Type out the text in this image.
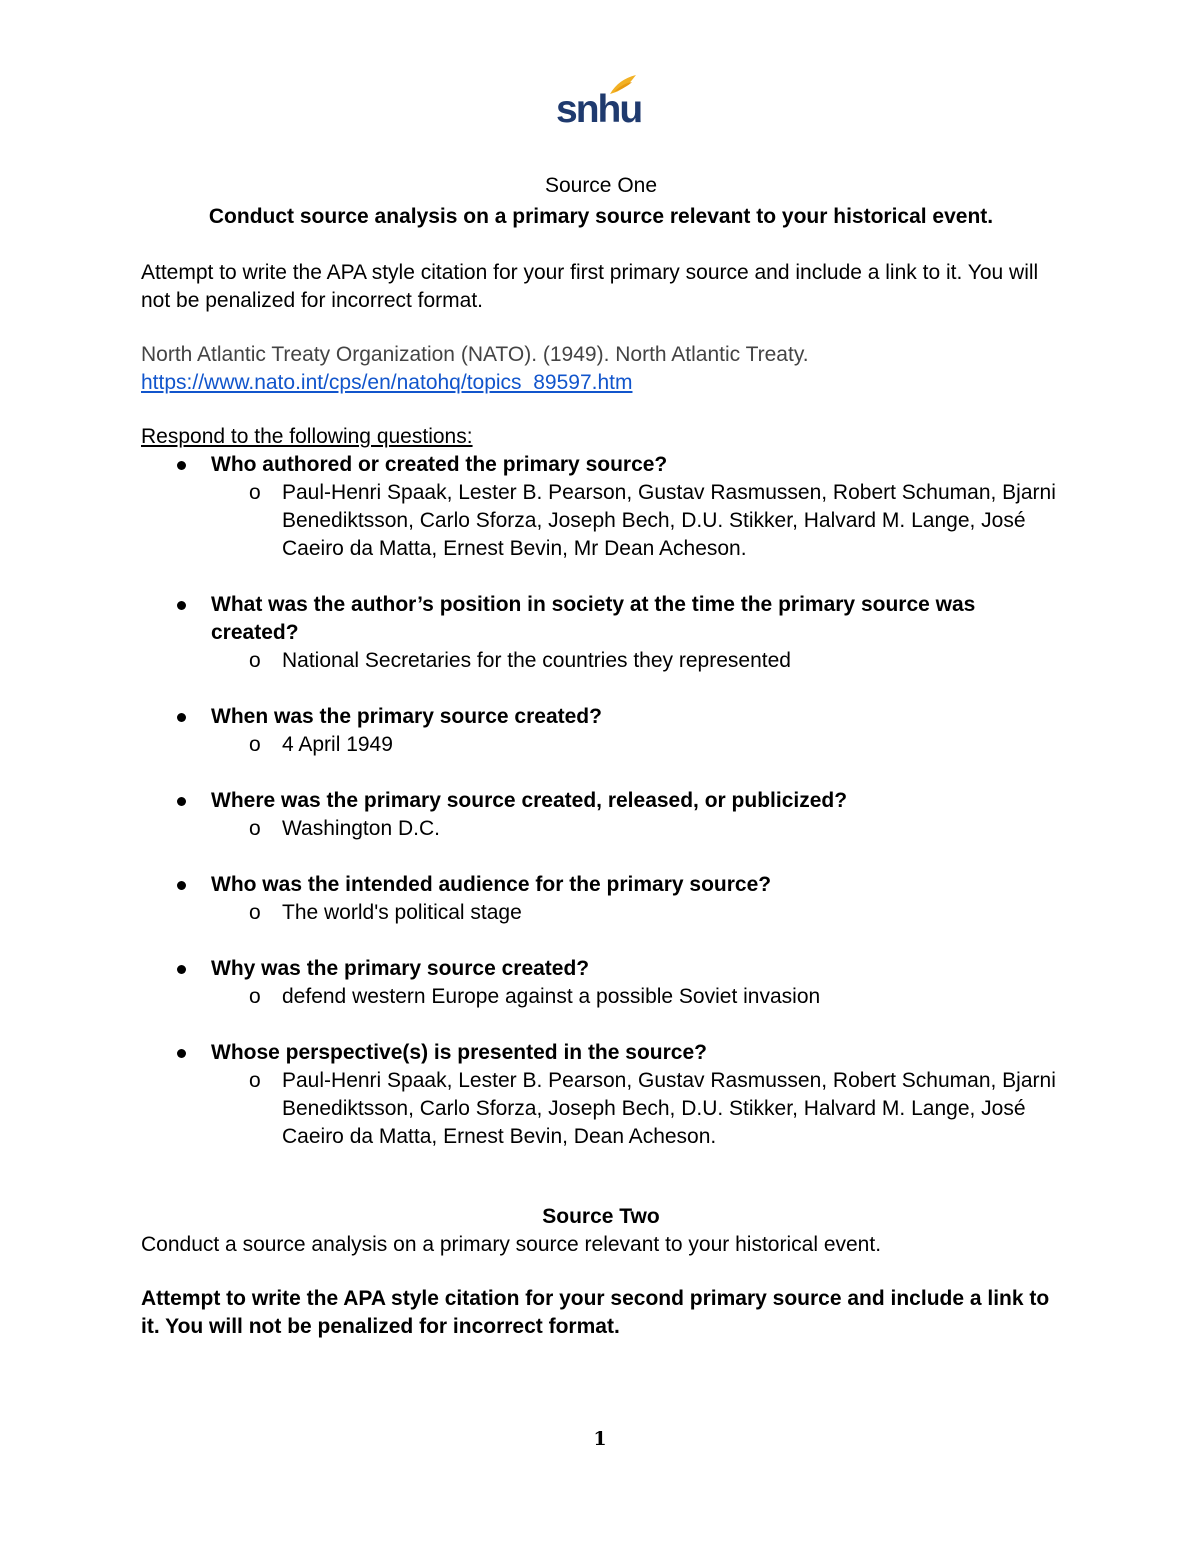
snhu

Source One

Conduct source analysis on a primary source relevant to your historical event.

Attempt to write the APA style citation for your first primary source and include a link to it. You will not be penalized for incorrect format.

North Atlantic Treaty Organization (NATO). (1949). North Atlantic Treaty.

https://www.nato.int/cps/en/natohq/topics_89597.htm

Respond to the following questions:

Who authored or created the primary source?

o Paul-Henri Spaak, Lester B. Pearson, Gustav Rasmussen, Robert Schuman, Bjarni Benediktsson, Carlo Sforza, Joseph Bech, D.U. Stikker, Halvard M. Lange, José Caeiro da Matta, Ernest Bevin, Mr Dean Acheson.

What was the author’s position in society at the time the primary source was created?

o National Secretaries for the countries they represented

When was the primary source created?

o 4 April 1949

Where was the primary source created, released, or publicized?

o Washington D.C.

Who was the intended audience for the primary source?

o The world's political stage

Why was the primary source created?

o defend western Europe against a possible Soviet invasion

Whose perspective(s) is presented in the source?

o Paul-Henri Spaak, Lester B. Pearson, Gustav Rasmussen, Robert Schuman, Bjarni Benediktsson, Carlo Sforza, Joseph Bech, D.U. Stikker, Halvard M. Lange, José Caeiro da Matta, Ernest Bevin, Dean Acheson.

Source Two

Conduct a source analysis on a primary source relevant to your historical event.

Attempt to write the APA style citation for your second primary source and include a link to it. You will not be penalized for incorrect format.

1
